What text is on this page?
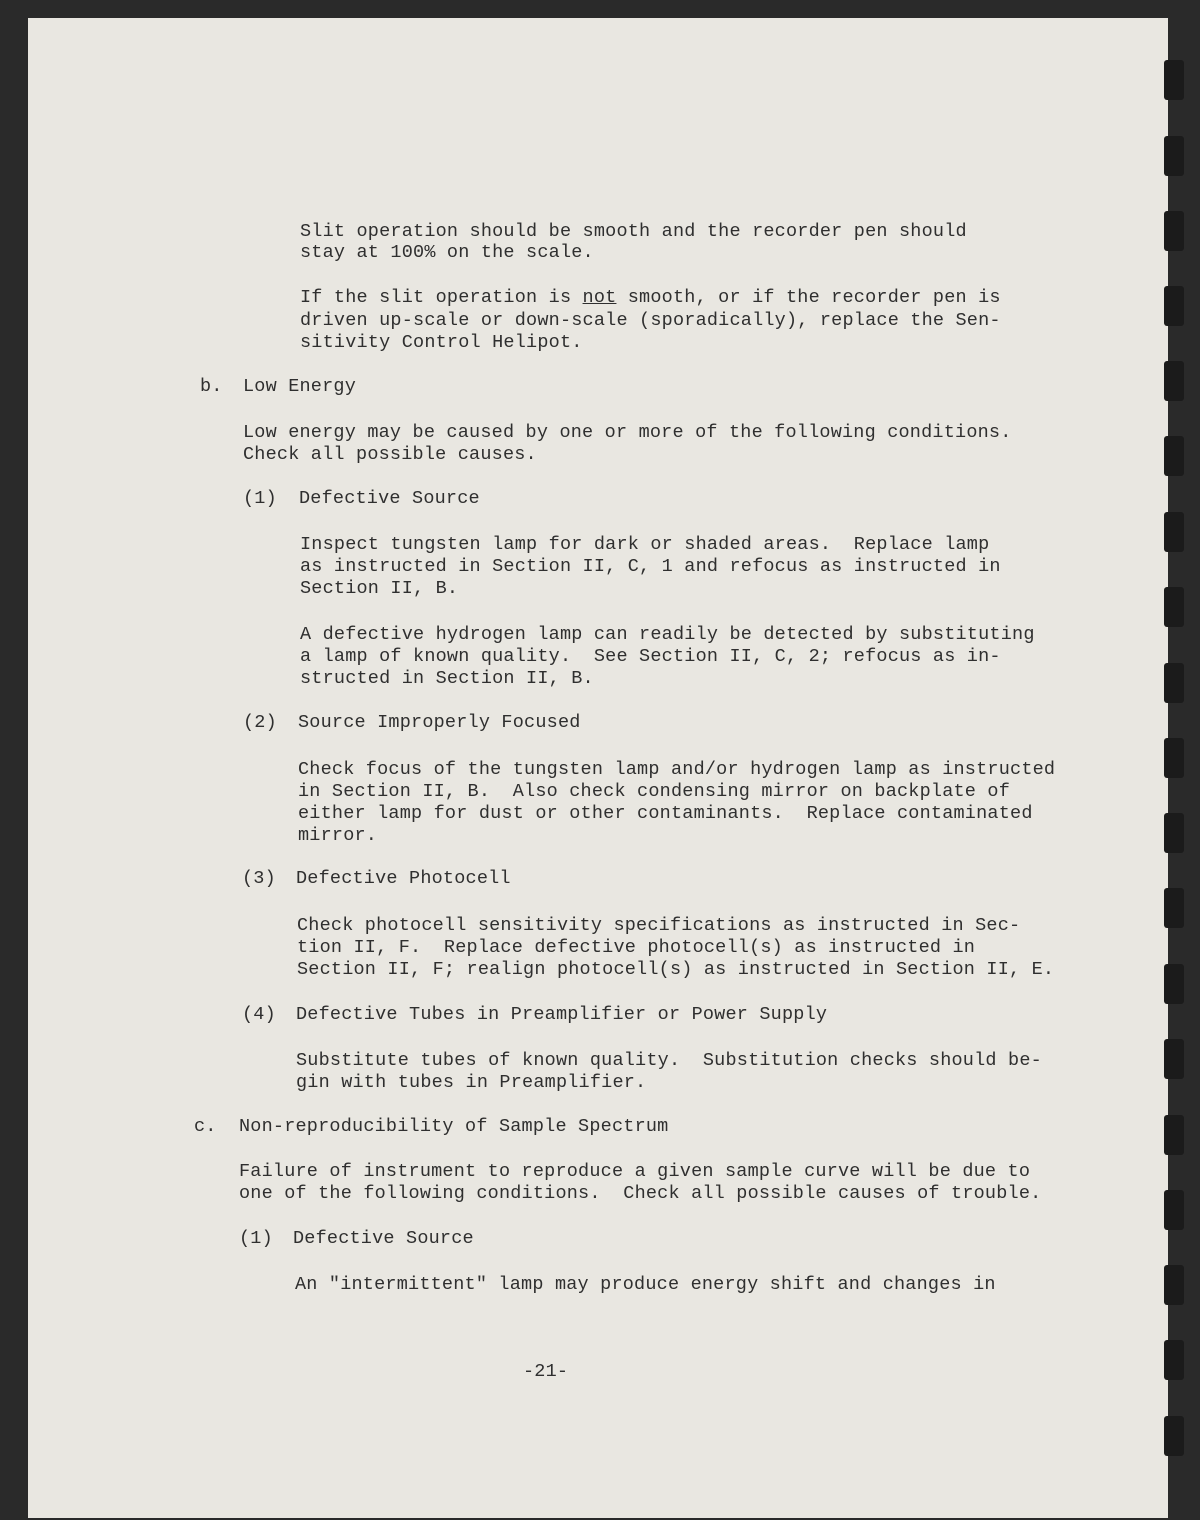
Slit operation should be smooth and the recorder pen should
stay at 100% on the scale.
If the slit operation is not smooth, or if the recorder pen is
driven up-scale or down-scale (sporadically), replace the Sen-
sitivity Control Helipot.
b. Low Energy
Low energy may be caused by one or more of the following conditions.
Check all possible causes.
(1) Defective Source
Inspect tungsten lamp for dark or shaded areas.  Replace lamp
as instructed in Section II, C, 1 and refocus as instructed in
Section II, B.
A defective hydrogen lamp can readily be detected by substituting
a lamp of known quality.  See Section II, C, 2; refocus as in-
structed in Section II, B.
(2) Source Improperly Focused
Check focus of the tungsten lamp and/or hydrogen lamp as instructed
in Section II, B.  Also check condensing mirror on backplate of
either lamp for dust or other contaminants.  Replace contaminated
mirror.
(3) Defective Photocell
Check photocell sensitivity specifications as instructed in Sec-
tion II, F.  Replace defective photocell(s) as instructed in
Section II, F; realign photocell(s) as instructed in Section II, E.
(4) Defective Tubes in Preamplifier or Power Supply
Substitute tubes of known quality.  Substitution checks should be-
gin with tubes in Preamplifier.
c. Non-reproducibility of Sample Spectrum
Failure of instrument to reproduce a given sample curve will be due to
one of the following conditions.  Check all possible causes of trouble.
(1) Defective Source
An "intermittent" lamp may produce energy shift and changes in
-21-
